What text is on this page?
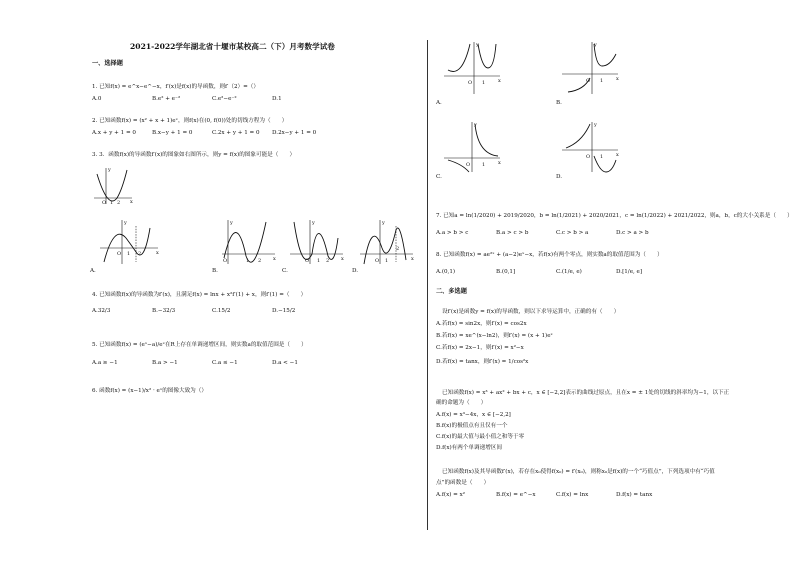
2021-2022学年湖北省十堰市某校高二（下）月考数学试卷
一、选择题
1. 已知f(x) = e^x−e^−x，f′(x)是f(x)的导函数，则f′（2）=（）
A.0	B.e² + e⁻²	C.e²−e⁻²	D.1
2. 已知函数f(x) = (x² + x + 1)eˣ，则f(x)在(0, f(0))处的切线方程为（　　）
A.x + y + 1 = 0	B.x−y + 1 = 0	C.2x + y + 1 = 0 D.2x−y + 1 = 0
3. 3．函数f(x)的导函数f′(x)的图象如右图所示，则y = f(x)的图象可能是（　　）
y
x
O 1 2
y
x
O 1 2
A.
y
x
O	1 2
B.
y
x
O 1 2
C.
y
x
O 1
2
D.
4. 已知函数f(x)的导函数为f′(x)，且满足f(x) = lnx + x²f′(1) + x，则f′(1) =（　　）
A.32/3	B.−32/3	C.15/2	D.−15/2
5. 已知函数f(x) = (eˣ−a)/eˣ在R上存在单调递增区间，则实数a的取值范围是（　　）
A.a ≥ −1	B.a > −1	C.a ≤ −1	D.a < −1
6. 函数f(x) = (x−1)/x² · eˣ的图像大致为（）
y
x
O 1
A.
y
x
O 1
B.
y
x
O 1
C.
y
x
O 1
D.
7. 已知a = ln(1/2020) + 2019/2020，b = ln(1/2021) + 2020/2021，c = ln(1/2022) + 2021/2022，则a，b，c的大小关系是（　　）
A.a > b > c	B.a > c > b	C.c > b > a	D.c > a > b
8. 已知函数f(x) = ae²ˣ + (a−2)eˣ−x，若f(x)有两个零点，则实数a的取值范围为（　　）
A.(0,1)	B.(0,1]	C.(1/e, e)	D.[1/e, e]
二、多选题
设f′(x)是函数y = f(x)的导函数，则以下求导运算中，正确的有（　　）
A.若f(x) = sin2x，则f′(x) = cos2x
B.若f(x) = xe^(x−ln2)，则f′(x) = (x + 1)eˣ
C.若f(x) = 2x−1，则f′(x) = x²−x
D.若f(x) = tanx，则f′(x) = 1/cos²x
已知函数f(x) = x³ + ax² + bx + c，x ∈ [−2,2]表示的曲线过原点，且在x = ± 1处的切线的斜率均为−1，以下正
确的命题为（　　）
A.f(x) = x³−4x，x ∈ [−2,2]
B.f(x)的极值点有且仅有一个
C.f(x)的最大值与最小值之和等于零
D.f(x)有两个单调递增区间
已知函数f(x)及其导函数f′(x)，若存在x₀使得f(x₀) = f′(x₀)，则称x₀是f(x)的一个“巧值点”，下列选项中有“巧值
点”的函数是（　　）
A.f(x) = x²	B.f(x) = e^−x	C.f(x) = lnx	D.f(x) = tanx
